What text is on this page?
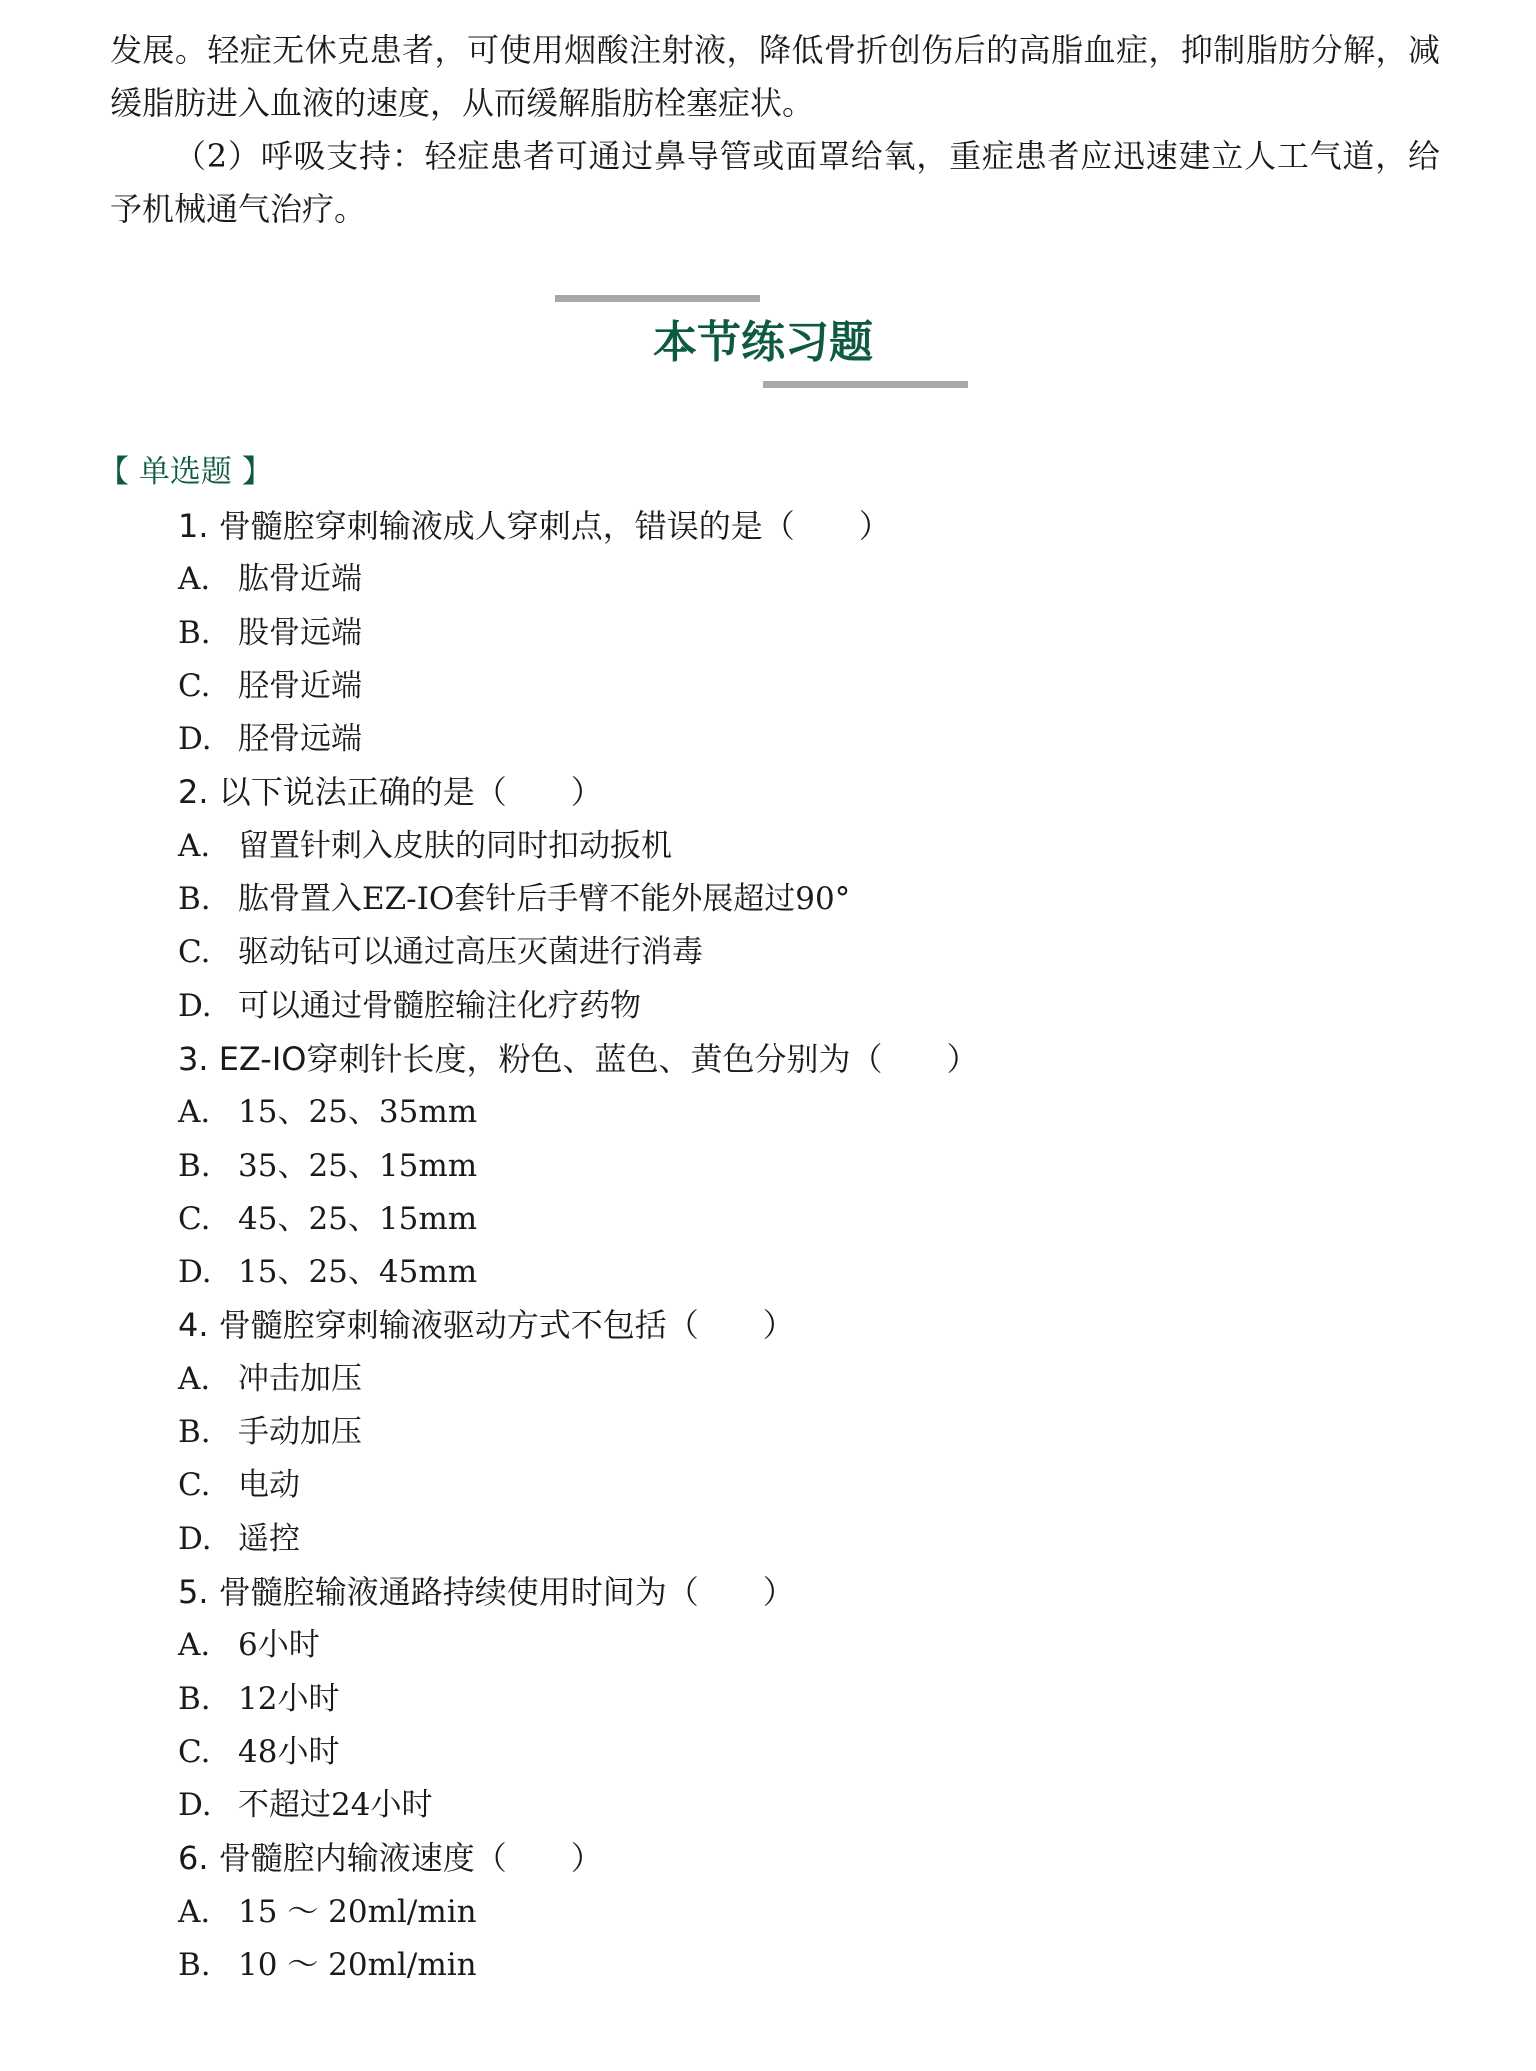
发展。轻症无休克患者，可使用烟酸注射液，降低骨折创伤后的高脂血症，抑制脂肪分解，减缓脂肪进入血液的速度，从而缓解脂肪栓塞症状。

（2）呼吸支持：轻症患者可通过鼻导管或面罩给氧，重症患者应迅速建立人工气道，给予机械通气治疗。

本节练习题
【 单选题 】
1. 骨髓腔穿刺输液成人穿刺点，错误的是（　　）
A. 肱骨近端
B. 股骨远端
C. 胫骨近端
D. 胫骨远端
2. 以下说法正确的是（　　）
A. 留置针刺入皮肤的同时扣动扳机
B. 肱骨置入EZ-IO套针后手臂不能外展超过90°
C. 驱动钻可以通过高压灭菌进行消毒
D. 可以通过骨髓腔输注化疗药物
3. EZ-IO穿刺针长度，粉色、蓝色、黄色分别为（　　）
A. 15、25、35mm
B. 35、25、15mm
C. 45、25、15mm
D. 15、25、45mm
4. 骨髓腔穿刺输液驱动方式不包括（　　）
A. 冲击加压
B. 手动加压
C. 电动
D. 遥控
5. 骨髓腔输液通路持续使用时间为（　　）
A. 6小时
B. 12小时
C. 48小时
D. 不超过24小时
6. 骨髓腔内输液速度（　　）
A. 15 ～ 20ml/min
B. 10 ～ 20ml/min
